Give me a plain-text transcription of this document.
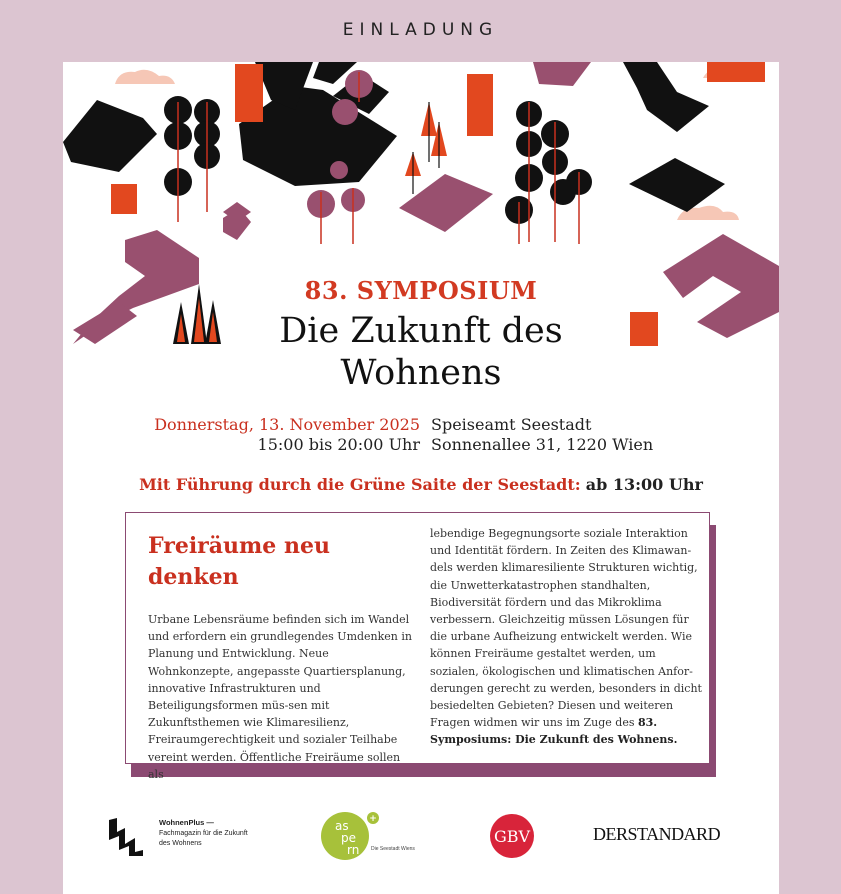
EINLADUNG
83. SYMPOSIUM
Die Zukunft des
Wohnens
Donnerstag, 13. November 2025
15:00 bis 20:00 Uhr
Speiseamt Seestadt
Sonnenallee 31, 1220 Wien
Mit Führung durch die Grüne Saite der Seestadt: ab 13:00 Uhr
Freiräume neu
denken
Urbane Lebensräume befinden sich im Wandel und erfordern ein grundlegendes Umdenken in Planung und Entwicklung. Neue Wohnkonzepte, angepasste Quartiersplanung, innovative Infrastrukturen und Beteiligungsformen müs-sen mit Zukunftsthemen wie Klimaresilienz, Freiraumgerechtigkeit und sozialer Teilhabe vereint werden. Öffentliche Freiräume sollen als
lebendige Begegnungsorte soziale Interaktion und Identität fördern. In Zeiten des Klimawan-dels werden klimaresiliente Strukturen wichtig, die Unwetterkatastrophen standhalten, Biodiversität fördern und das Mikroklima verbessern. Gleichzeitig müssen Lösungen für die urbane Aufheizung entwickelt werden. Wie können Freiräume gestaltet werden, um sozialen, ökologischen und klimatischen Anfor-derungen gerecht zu werden, besonders in dicht besiedelten Gebieten? Diesen und weiteren Fragen widmen wir uns im Zuge des 83. Symposiums: Die Zukunft des Wohnens.
WohnenPlus —
Fachmagazin für die Zukunft
des Wohnens
+
as
pe
rn Die Seestadt Wiens
GBV	DERSTANDARD
